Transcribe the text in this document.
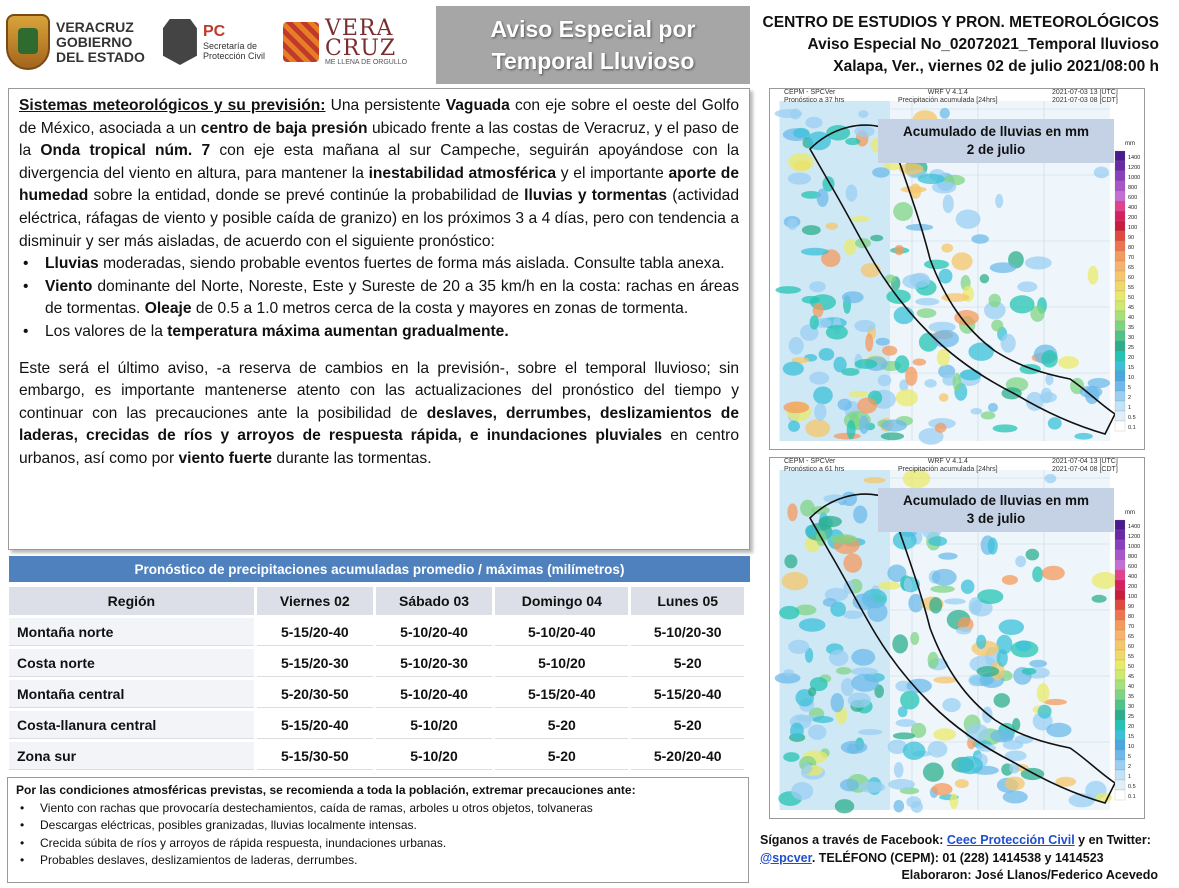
VERACRUZ
GOBIERNO
DEL ESTADO
PC
Secretaría de
Protección Civil
VERA
CRUZ
ME LLENA DE ORGULLO
Aviso Especial por
Temporal Lluvioso
CENTRO DE ESTUDIOS Y PRON. METEOROLÓGICOS
Aviso Especial No_02072021_Temporal lluvioso
Xalapa, Ver., viernes 02 de julio 2021/08:00 h

Sistemas meteorológicos y su previsión: Una persistente Vaguada con eje sobre el oeste del Golfo de México, asociada a un centro de baja presión ubicado frente a las costas de Veracruz, y el paso de la Onda tropical núm. 7 con eje esta mañana al sur Campeche, seguirán apoyándose con la divergencia del viento en altura, para mantener la inestabilidad atmosférica y el importante aporte de humedad sobre la entidad, donde se prevé continúe la probabilidad de lluvias y tormentas (actividad eléctrica, ráfagas de viento y posible caída de granizo) en los próximos 3 a 4 días, pero con tendencia a disminuir y ser más aisladas, de acuerdo con el siguiente pronóstico:

• Lluvias moderadas, siendo probable eventos fuertes de forma más aislada. Consulte tabla anexa.
• Viento dominante del Norte, Noreste, Este y Sureste de 20 a 35 km/h en la costa: rachas en áreas de tormentas. Oleaje de 0.5 a 1.0 metros cerca de la costa y mayores en zonas de tormenta.
• Los valores de la temperatura máxima aumentan gradualmente.

Este será el último aviso, -a reserva de cambios en la previsión-, sobre el temporal lluvioso; sin embargo, es importante mantenerse atento con las actualizaciones del pronóstico del tiempo y continuar con las precauciones ante la posibilidad de deslaves, derrumbes, deslizamientos de laderas, crecidas de ríos y arroyos de respuesta rápida, e inundaciones pluviales en centro urbanos, así como por viento fuerte durante las tormentas.

Pronóstico de precipitaciones acumuladas promedio / máximas (milímetros)
Región	Viernes 02	Sábado 03	Domingo 04	Lunes 05
Montaña norte	5-15/20-40	5-10/20-40	5-10/20-40	5-10/20-30
Costa norte	5-15/20-30	5-10/20-30	5-10/20	5-20
Montaña central	5-20/30-50	5-10/20-40	5-15/20-40	5-15/20-40
Costa-llanura central	5-15/20-40	5-10/20	5-20	5-20
Zona sur	5-15/30-50	5-10/20	5-20	5-20/20-40
Por las condiciones atmosféricas previstas, se recomienda a toda la población, extremar precauciones ante:
• Viento con rachas que provocaría destechamientos, caída de ramas, arboles u otros objetos, tolvaneras
• Descargas eléctricas, posibles granizadas, lluvias localmente intensas.
• Crecida súbita de ríos y arroyos de rápida respuesta, inundaciones urbanas.
• Probables deslaves, deslizamientos de laderas, derrumbes.
CEPM - SPCVer
Pronóstico a 37 hrs
WRF V 4.1.4
Precipitación acumulada [24hrs]
2021-07-03 13 [UTC]
2021-07-03 08 [CDT]
1400
1200
1000
800
600
400
200
100
90
80
70
65
60
55
50
45
40
35
30
25
20
15
10
5
2
1
0.5
0.1
mm
Acumulado de lluvias en mm
2 de julio
CEPM - SPCVer
Pronóstico a 61 hrs
WRF V 4.1.4
Precipitación acumulada [24hrs]
2021-07-04 13 [UTC]
2021-07-04 08 [CDT]
1400
1200
1000
800
600
400
200
100
90
80
70
65
60
55
50
45
40
35
30
25
20
15
10
5
2
1
0.5
0.1
mm
Acumulado de lluvias en mm
3 de julio
Síganos a través de Facebook: Ceec Protección Civil y en Twitter:
@spcver. TELÉFONO (CEPM): 01 (228) 1414538 y 1414523
Elaboraron: José Llanos/Federico Acevedo
